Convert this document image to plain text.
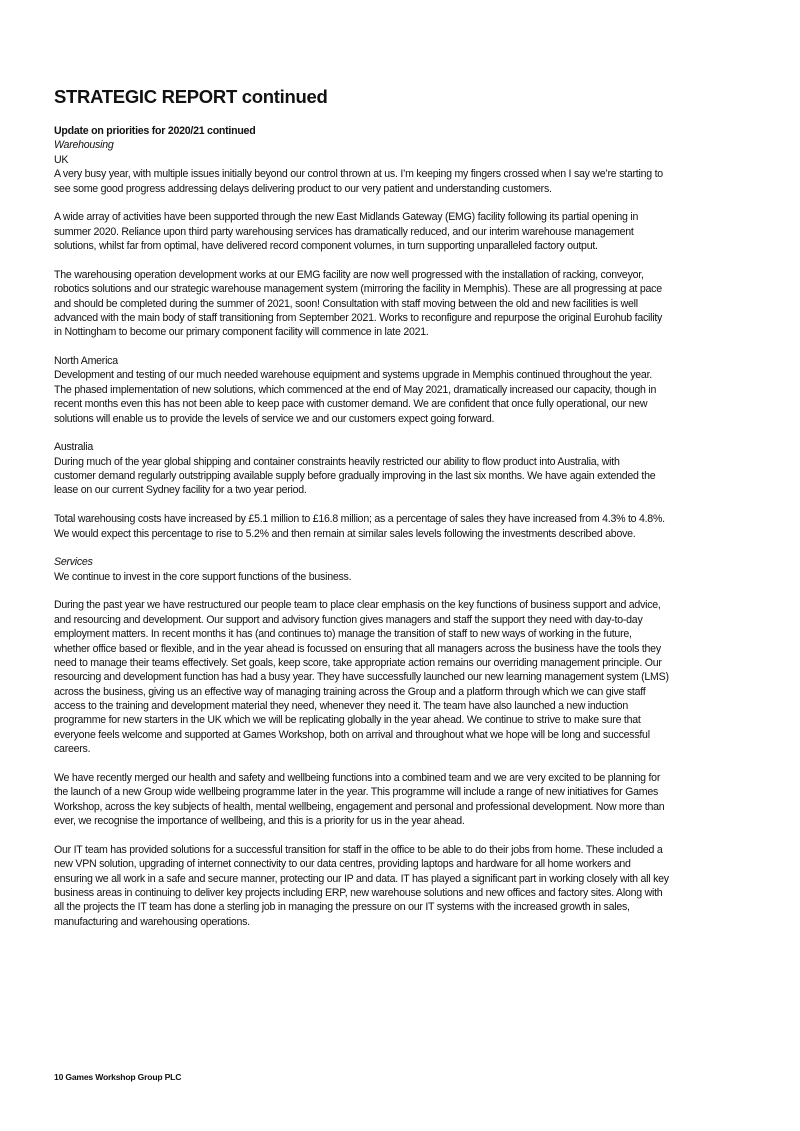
STRATEGIC REPORT continued
Update on priorities for 2020/21 continued
Warehousing
UK
A very busy year, with multiple issues initially beyond our control thrown at us. I’m keeping my fingers crossed when I say we’re starting to
see some good progress addressing delays delivering product to our very patient and understanding customers.
A wide array of activities have been supported through the new East Midlands Gateway (EMG) facility following its partial opening in
summer 2020. Reliance upon third party warehousing services has dramatically reduced, and our interim warehouse management
solutions, whilst far from optimal, have delivered record component volumes, in turn supporting unparalleled factory output.
The warehousing operation development works at our EMG facility are now well progressed with the installation of racking, conveyor,
robotics solutions and our strategic warehouse management system (mirroring the facility in Memphis). These are all progressing at pace
and should be completed during the summer of 2021, soon! Consultation with staff moving between the old and new facilities is well
advanced with the main body of staff transitioning from September 2021. Works to reconfigure and repurpose the original Eurohub facility
in Nottingham to become our primary component facility will commence in late 2021.
North America
Development and testing of our much needed warehouse equipment and systems upgrade in Memphis continued throughout the year.
The phased implementation of new solutions, which commenced at the end of May 2021, dramatically increased our capacity, though in
recent months even this has not been able to keep pace with customer demand. We are confident that once fully operational, our new
solutions will enable us to provide the levels of service we and our customers expect going forward.
Australia
During much of the year global shipping and container constraints heavily restricted our ability to flow product into Australia, with
customer demand regularly outstripping available supply before gradually improving in the last six months. We have again extended the
lease on our current Sydney facility for a two year period.
Total warehousing costs have increased by £5.1 million to £16.8 million; as a percentage of sales they have increased from 4.3% to 4.8%.
We would expect this percentage to rise to 5.2% and then remain at similar sales levels following the investments described above.
Services
We continue to invest in the core support functions of the business.
During the past year we have restructured our people team to place clear emphasis on the key functions of business support and advice,
and resourcing and development. Our support and advisory function gives managers and staff the support they need with day-to-day
employment matters. In recent months it has (and continues to) manage the transition of staff to new ways of working in the future,
whether office based or flexible, and in the year ahead is focussed on ensuring that all managers across the business have the tools they
need to manage their teams effectively. Set goals, keep score, take appropriate action remains our overriding management principle. Our
resourcing and development function has had a busy year. They have successfully launched our new learning management system (LMS)
across the business, giving us an effective way of managing training across the Group and a platform through which we can give staff
access to the training and development material they need, whenever they need it. The team have also launched a new induction
programme for new starters in the UK which we will be replicating globally in the year ahead. We continue to strive to make sure that
everyone feels welcome and supported at Games Workshop, both on arrival and throughout what we hope will be long and successful
careers.
We have recently merged our health and safety and wellbeing functions into a combined team and we are very excited to be planning for
the launch of a new Group wide wellbeing programme later in the year. This programme will include a range of new initiatives for Games
Workshop, across the key subjects of health, mental wellbeing, engagement and personal and professional development. Now more than
ever, we recognise the importance of wellbeing, and this is a priority for us in the year ahead.
Our IT team has provided solutions for a successful transition for staff in the office to be able to do their jobs from home. These included a
new VPN solution, upgrading of internet connectivity to our data centres, providing laptops and hardware for all home workers and
ensuring we all work in a safe and secure manner, protecting our IP and data. IT has played a significant part in working closely with all key
business areas in continuing to deliver key projects including ERP, new warehouse solutions and new offices and factory sites. Along with
all the projects the IT team has done a sterling job in managing the pressure on our IT systems with the increased growth in sales,
manufacturing and warehousing operations.
10 Games Workshop Group PLC
